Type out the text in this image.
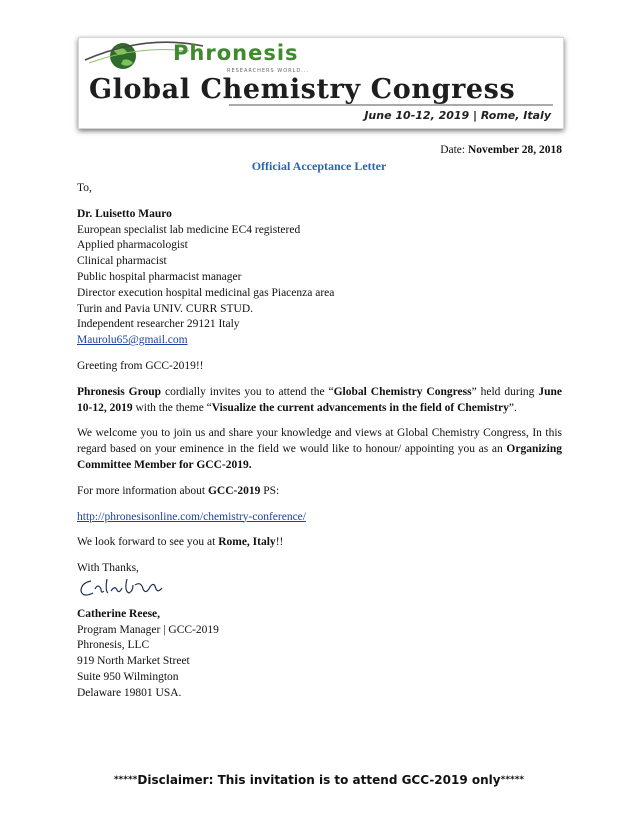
Phronesis
RESEARCHERS WORLD...
Global Chemistry Congress
June 10-12, 2019 | Rome, Italy
Date: November 28, 2018
Official Acceptance Letter

To,

Dr. Luisetto Mauro
European specialist lab medicine EC4 registered
Applied pharmacologist
Clinical pharmacist
Public hospital pharmacist manager
Director execution hospital medicinal gas Piacenza area
Turin and Pavia UNIV. CURR STUD.
Independent researcher 29121 Italy
Maurolu65@gmail.com

Greeting from GCC-2019!!

Phronesis Group cordially invites you to attend the “Global Chemistry Congress” held during June 10-12, 2019 with the theme “Visualize the current advancements in the field of Chemistry”.

We welcome you to join us and share your knowledge and views at Global Chemistry Congress, In this regard based on your eminence in the field we would like to honour/ appointing you as an Organizing Committee Member for GCC-2019.

For more information about GCC-2019 PS:

http://phronesisonline.com/chemistry-conference/

We look forward to see you at Rome, Italy!!

With Thanks,

Catherine Reese,
Program Manager | GCC-2019
Phronesis, LLC
919 North Market Street
Suite 950 Wilmington
Delaware 19801 USA.
*****Disclaimer: This invitation is to attend GCC-2019 only*****
